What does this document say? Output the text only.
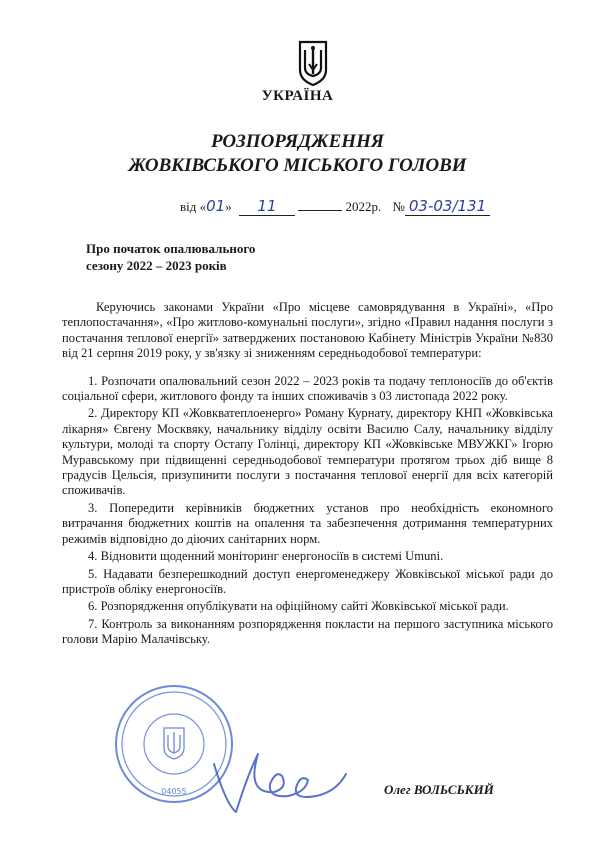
УКРАЇНА
РОЗПОРЯДЖЕННЯ
ЖОВКІВСЬКОГО МІСЬКОГО ГОЛОВИ
від «01» 11	2022р. № 03-03/131
Про початок опалювального
сезону 2022 – 2023 років

Керуючись законами України «Про місцеве самоврядування в Україні», «Про теплопостачання», «Про житлово-комунальні послуги», згідно «Правил надання послуги з постачання теплової енергії» затверджених постановою Кабінету Міністрів України №830 від 21 серпня 2019 року, у зв'язку зі зниженням середньодобової температури:

1. Розпочати опалювальний сезон 2022 – 2023 років та подачу теплоносіїв до об'єктів соціальної сфери, житлового фонду та інших споживачів з 03 листопада 2022 року.

2. Директору КП «Жовкватеплоенерго» Роману Курнату, директору КНП «Жовківська лікарня» Євгену Москвяку, начальнику відділу освіти Василю Салу, начальнику відділу культури, молоді та спорту Остапу Голінці, директору КП «Жовківське МВУЖКГ» Ігорю Муравському при підвищенні середньодобової температури протягом трьох діб вище 8 градусів Цельсія, призупинити послуги з постачання теплової енергії для всіх категорій споживачів.

3. Попередити керівників бюджетних установ про необхідність економного витрачання бюджетних коштів на опалення та забезпечення дотримання температурних режимів відповідно до діючих санітарних норм.

4. Відновити щоденний моніторинг енергоносіїв в системі Umuni.

5. Надавати безперешкодний доступ енергоменеджеру Жовківської міської ради до пристроїв обліку енергоносіїв.

6. Розпорядження опублікувати на офіційному сайті Жовківської міської ради.

7. Контроль за виконанням розпорядження покласти на першого заступника міського голови Марію Малачівську.

04055	Олег ВОЛЬСЬКИЙ
